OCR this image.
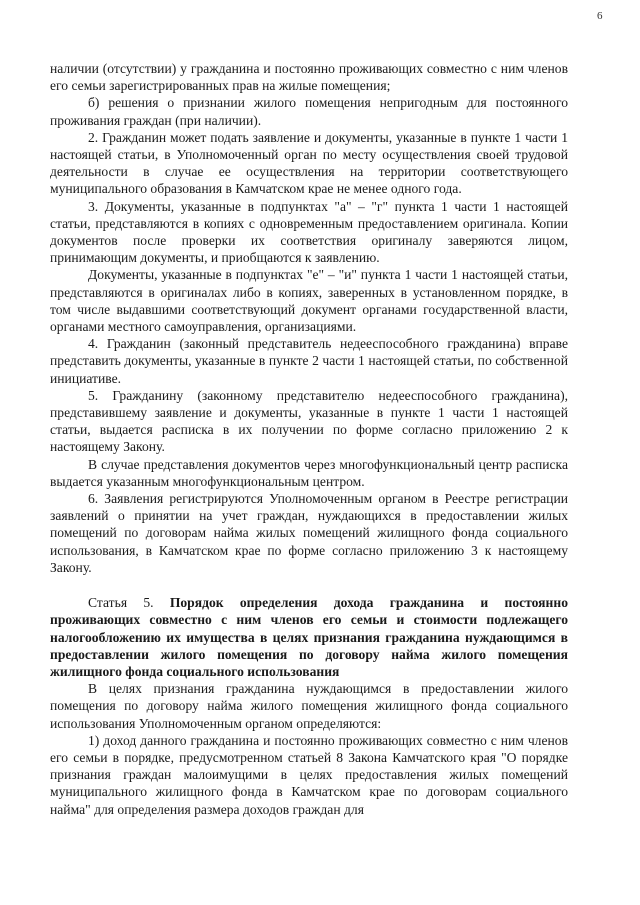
6

наличии (отсутствии) у гражданина и постоянно проживающих совместно с ним членов его семьи зарегистрированных прав на жилые помещения;

б) решения о признании жилого помещения непригодным для постоянного проживания граждан (при наличии).

2. Гражданин может подать заявление и документы, указанные в пункте 1 части 1 настоящей статьи, в Уполномоченный орган по месту осуществления своей трудовой деятельности в случае ее осуществления на территории соответствующего муниципального образования в Камчатском крае не менее одного года.

3. Документы, указанные в подпунктах "а" – "г" пункта 1 части 1 настоящей статьи, представляются в копиях с одновременным предоставлением оригинала. Копии документов после проверки их соответствия оригиналу заверяются лицом, принимающим документы, и приобщаются к заявлению.

Документы, указанные в подпунктах "е" – "и" пункта 1 части 1 настоящей статьи, представляются в оригиналах либо в копиях, заверенных в установленном порядке, в том числе выдавшими соответствующий документ органами государственной власти, органами местного самоуправления, организациями.

4. Гражданин (законный представитель недееспособного гражданина) вправе представить документы, указанные в пункте 2 части 1 настоящей статьи, по собственной инициативе.

5. Гражданину (законному представителю недееспособного гражданина), представившему заявление и документы, указанные в пункте 1 части 1 настоящей статьи, выдается расписка в их получении по форме согласно приложению 2 к настоящему Закону.

В случае представления документов через многофункциональный центр расписка выдается указанным многофункциональным центром.

6. Заявления регистрируются Уполномоченным органом в Реестре регистрации заявлений о принятии на учет граждан, нуждающихся в предоставлении жилых помещений по договорам найма жилых помещений жилищного фонда социального использования, в Камчатском крае по форме согласно приложению 3 к настоящему Закону.

Статья 5. Порядок определения дохода гражданина и постоянно проживающих совместно с ним членов его семьи и стоимости подлежащего налогообложению их имущества в целях признания гражданина нуждающимся в предоставлении жилого помещения по договору найма жилого помещения жилищного фонда социального использования

В целях признания гражданина нуждающимся в предоставлении жилого помещения по договору найма жилого помещения жилищного фонда социального использования Уполномоченным органом определяются:

1) доход данного гражданина и постоянно проживающих совместно с ним членов его семьи в порядке, предусмотренном статьей 8 Закона Камчатского края "О порядке признания граждан малоимущими в целях предоставления жилых помещений муниципального жилищного фонда в Камчатском крае по договорам социального найма" для определения размера доходов граждан для
